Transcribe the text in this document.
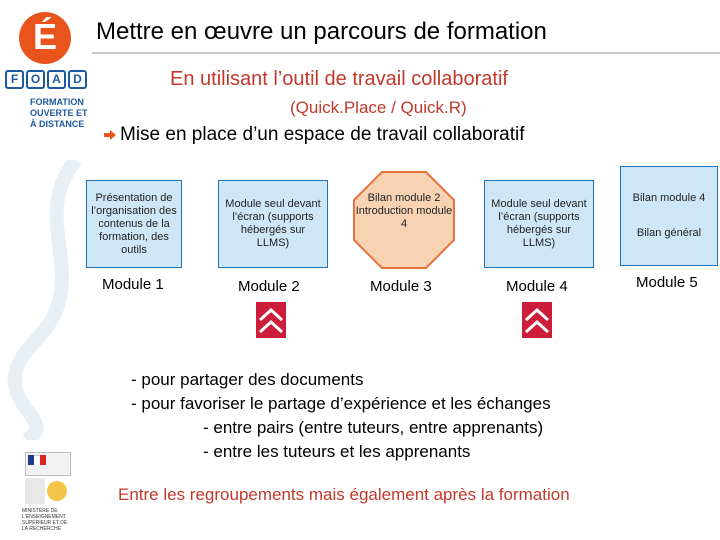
É
F	O A	D
FORMATION
OUVERTE ET
À DISTANCE
MINISTÈRE DE L'ENSEIGNEMENT SUPÉRIEUR ET DE LA RECHERCHE
Mettre en œuvre un parcours de formation
En utilisant l’outil de travail collaboratif
(Quick.Place / Quick.R)
Mise en place d’un espace de travail collaboratif
Présentation de l’organisation des contenus de la formation, des outils
Module 1
Module seul devant l’écran (supports hébergés sur LLMS)
Module 2
Bilan module 2 Introduction module 4
Module 3
Module seul devant l’écran (supports hébergés sur LLMS)
Module 4
Bilan module 4
Bilan général
Module 5
- pour partager des documents
- pour favoriser le partage d’expérience et les échanges
- entre pairs (entre tuteurs, entre apprenants)
- entre les tuteurs et les apprenants
Entre les regroupements mais également après la formation
